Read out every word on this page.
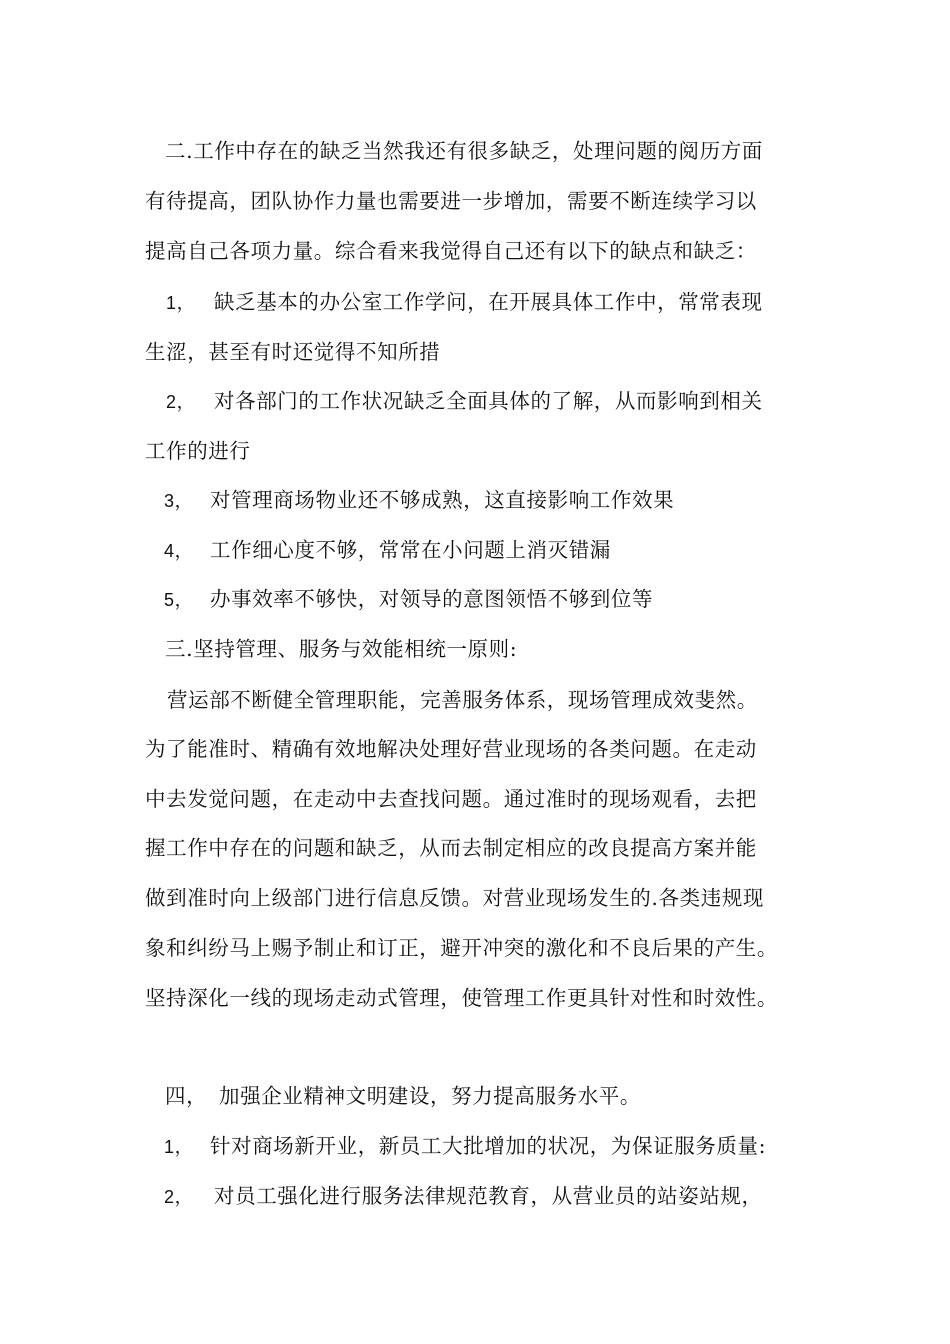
二.工作中存在的缺乏当然我还有很多缺乏，处理问题的阅历方面
有待提高，团队协作力量也需要进一步增加，需要不断连续学习以
提高自己各项力量。综合看来我觉得自己还有以下的缺点和缺乏：
1， 缺乏基本的办公室工作学问，在开展具体工作中，常常表现
生涩，甚至有时还觉得不知所措
2， 对各部门的工作状况缺乏全面具体的了解，从而影响到相关
工作的进行
3， 对管理商场物业还不够成熟，这直接影响工作效果
4， 工作细心度不够，常常在小问题上消灭错漏
5， 办事效率不够快，对领导的意图领悟不够到位等
三.坚持管理、服务与效能相统一原则:
营运部不断健全管理职能，完善服务体系，现场管理成效斐然。
为了能准时、精确有效地解决处理好营业现场的各类问题。在走动
中去发觉问题，在走动中去查找问题。通过准时的现场观看，去把
握工作中存在的问题和缺乏，从而去制定相应的改良提高方案并能
做到准时向上级部门进行信息反馈。对营业现场发生的.各类违规现
象和纠纷马上赐予制止和订正，避开冲突的激化和不良后果的产生。
坚持深化一线的现场走动式管理，使管理工作更具针对性和时效性。
四， 加强企业精神文明建设，努力提高服务水平。
1， 针对商场新开业，新员工大批增加的状况，为保证服务质量:
2， 对员工强化进行服务法律规范教育，从营业员的站姿站规，
